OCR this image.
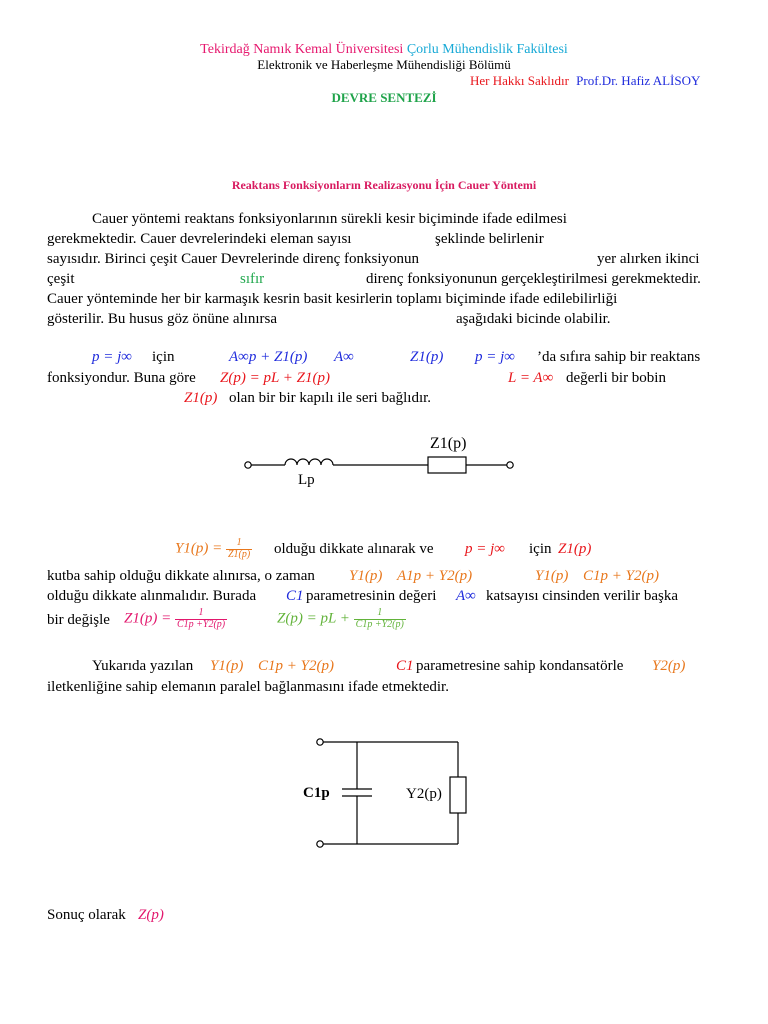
Tekirdağ Namık Kemal Üniversitesi Çorlu Mühendislik Fakültesi
Elektronik ve Haberleşme Mühendisliği Bölümü
Her Hakkı Saklıdır Prof.Dr. Hafiz ALİSOY
DEVRE SENTEZİ
Reaktans Fonksiyonların Realizasyonu İçin Cauer Yöntemi
Cauer yöntemi reaktans fonksiyonlarının sürekli kesir biçiminde ifade edilmesi
gerekmektedir. Cauer devrelerindeki eleman sayısı	şeklinde belirlenir
sayısıdır. Birinci çeşit Cauer Devrelerinde direnç fonksiyonun	yer alırken ikinci
çeşit	sıfır	direnç fonksiyonunun gerçekleştirilmesi gerekmektedir.
Cauer yönteminde her bir karmaşık kesrin basit kesirlerin toplamı biçiminde ifade edilebilirliği
gösterilir. Bu husus göz önüne alınırsa	aşağıdaki bicinde olabilir.
p = j∞ için	A∞p + Z1(p) A∞	Z1(p) p = j∞ ’da sıfıra sahip bir reaktans
fonksiyondur. Buna göre Z(p) = pL + Z1(p)	L = A∞ değerli bir bobin
Z1(p) olan bir bir kapılı ile seri bağlıdır.
Z1(p)
Lp
$Y1(p) = \frac{1}{Z1(p)}$ olduğu dikkate alınarak ve p = j∞ için Z1(p)
kutba sahip olduğu dikkate alınırsa, o zaman Y1(p) A1p + Y2(p)	Y1(p) C1p + Y2(p)
olduğu dikkate alınmalıdır. Burada C1 parametresinin değeri A∞ katsayısı cinsinden verilir başka
bir değişle $Z1(p) = \frac{1}{C1p +Y2(p)}$	Z(p) = pL + $\frac{1}{C1p +Y2(p)}$
Yukarıda yazılan Y1(p) C1p + Y2(p)	C1 parametresine sahip kondansatörle Y2(p)
iletkenliğine sahip elemanın paralel bağlanmasını ifade etmektedir.
C1p	Y2(p)
Sonuç olarak Z(p)
